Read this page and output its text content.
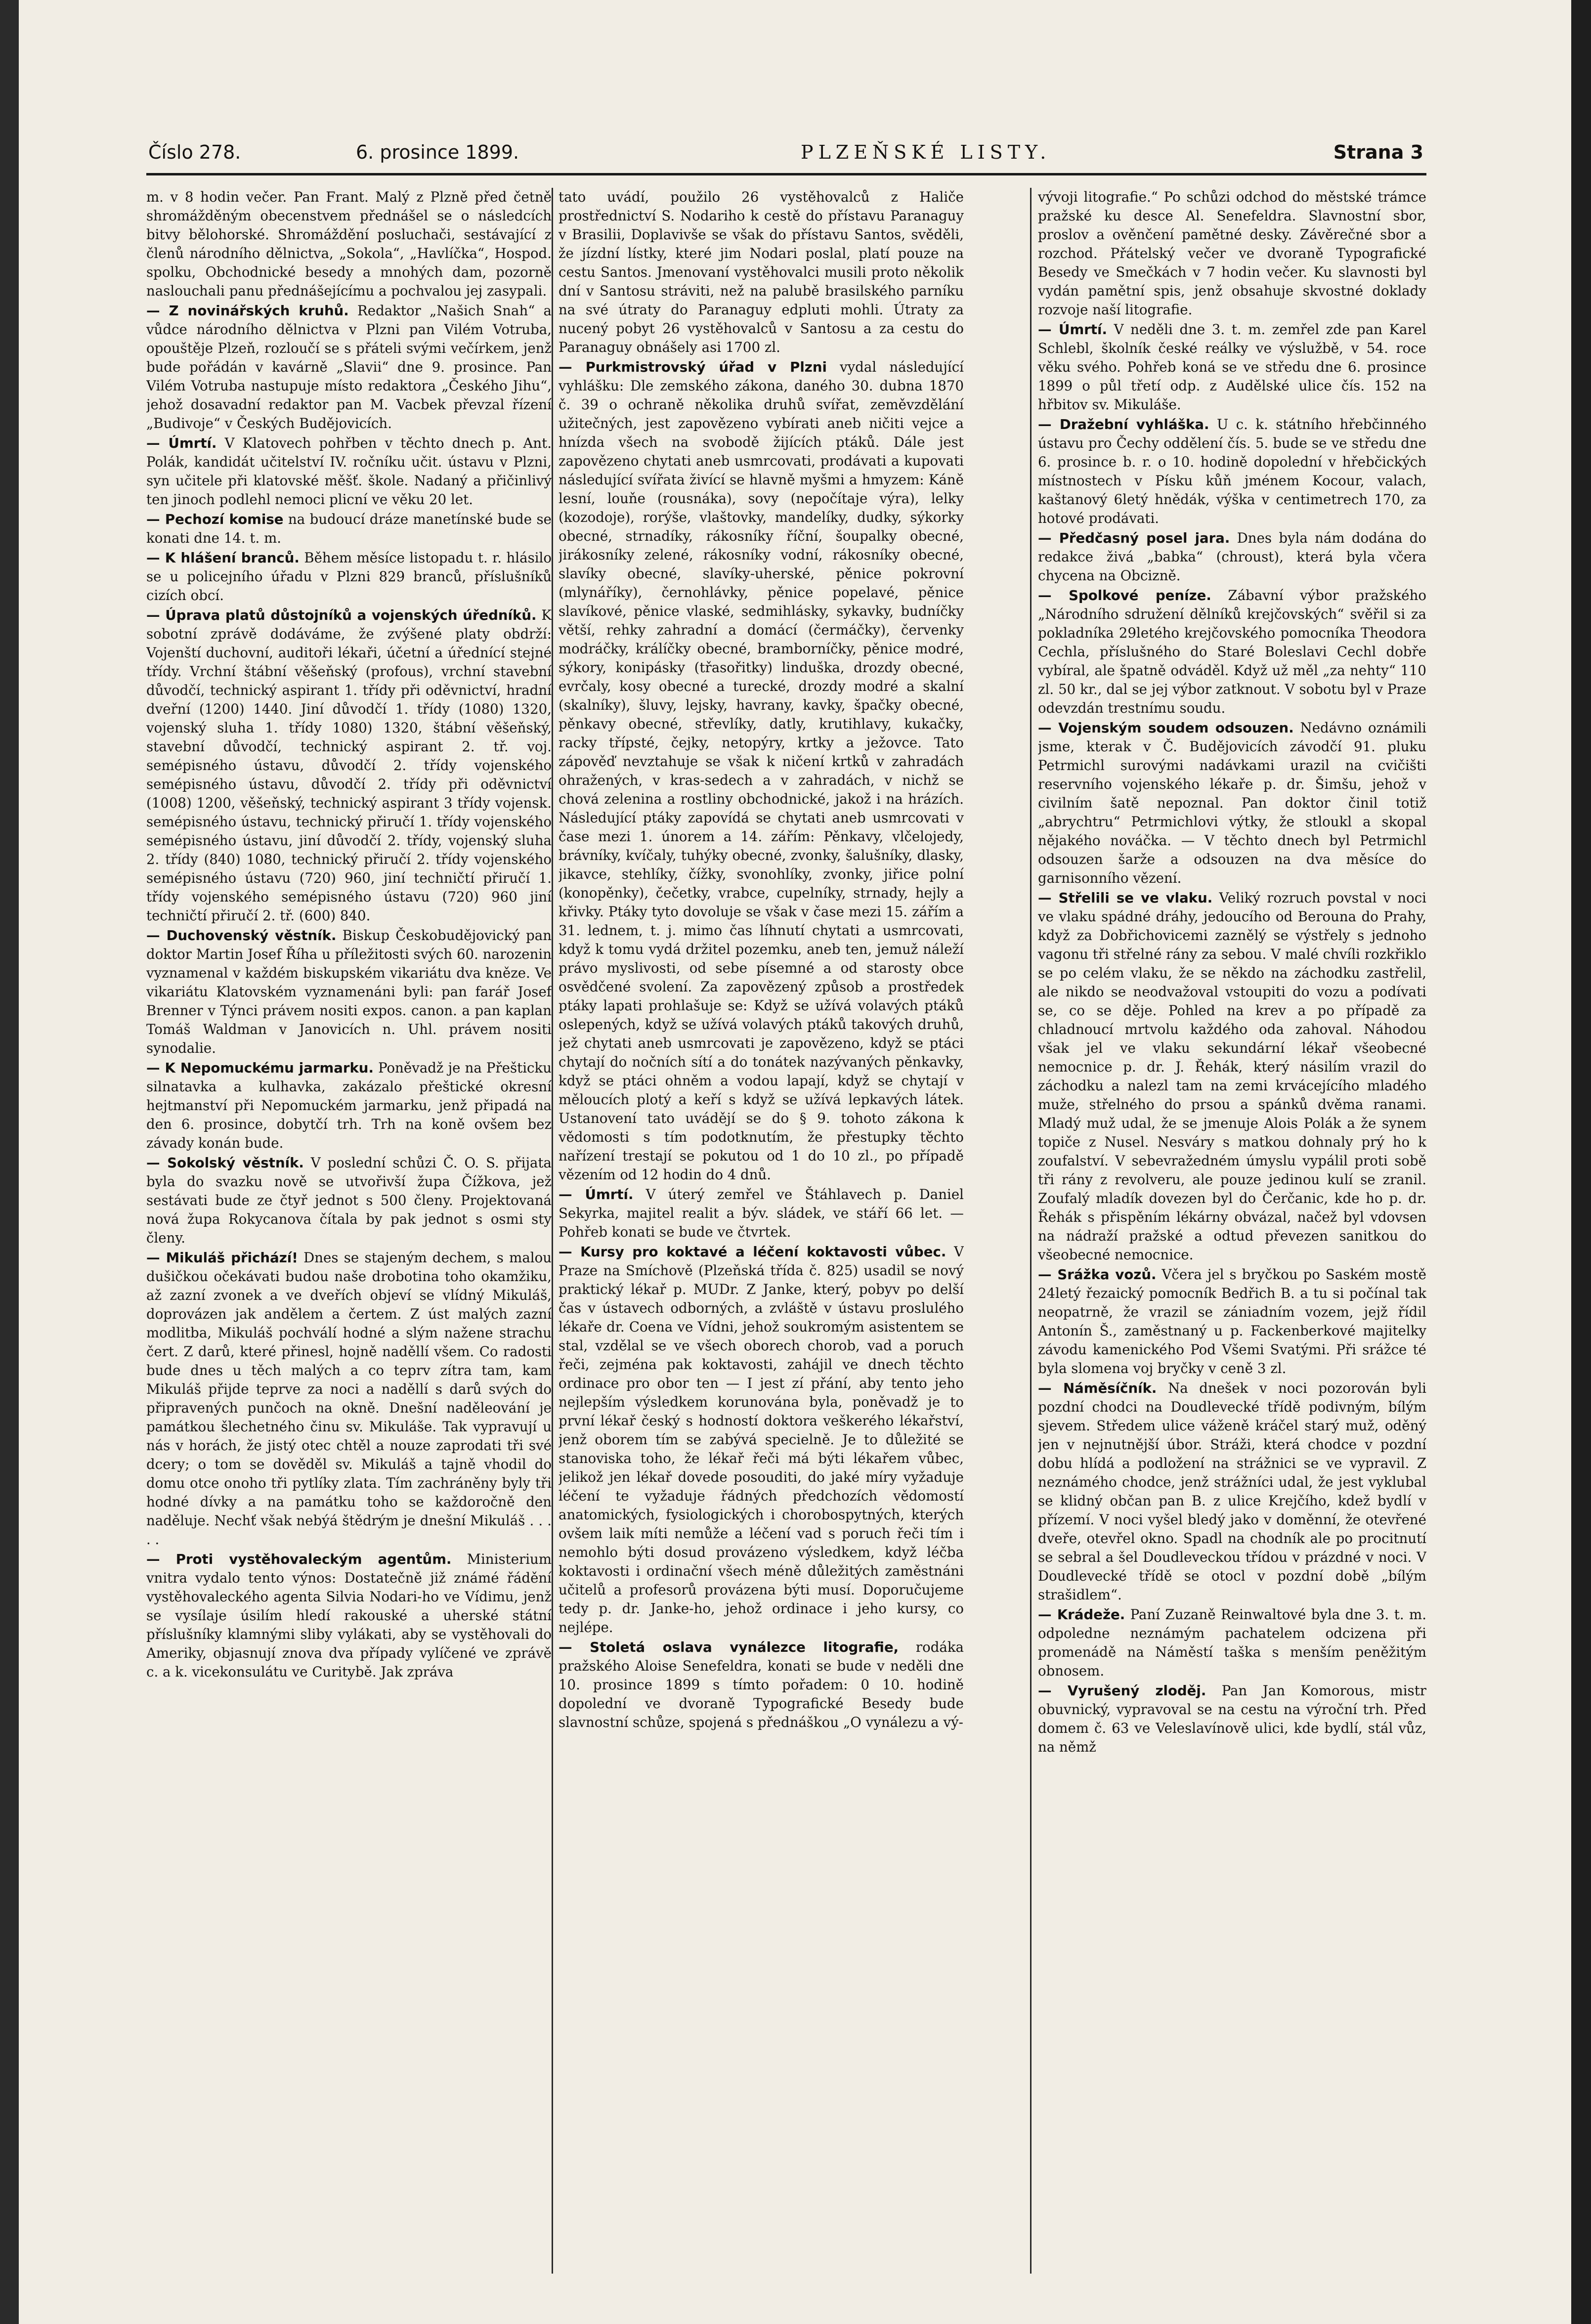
Číslo 278.	6. prosince 1899.	PLZEŇSKÉ LISTY.	Strana 3

m. v 8 hodin večer. Pan Frant. Malý z Plzně před četně shromážděným obecenstvem přednášel se o následcích bitvy bělohorské. Shromáždění posluchači, sestávající z členů národního dělnictva, „Sokola“, „Havlíčka“, Hospod. spolku, Obchodnické besedy a mnohých dam, pozorně naslouchali panu přednášejícímu a pochvalou jej zasypali.

— Z novinářských kruhů. Redaktor „Našich Snah“ a vůdce národního dělnictva v Plzni pan Vilém Votruba, opouštěje Plzeň, rozloučí se s přáteli svými večírkem, jenž bude pořádán v kavárně „Slavii“ dne 9. prosince. Pan Vilém Votruba nastupuje místo redaktora „Českého Jihu“, jehož dosavadní redaktor pan M. Vacbek převzal řízení „Budivoje“ v Českých Budějovicích.

— Úmrtí. V Klatovech pohřben v těchto dnech p. Ant. Polák, kandidát učitelství IV. ročníku učit. ústavu v Plzni, syn učitele při klatovské měšť. škole. Nadaný a přičinlivý ten jinoch podlehl nemoci plicní ve věku 20 let.

— Pechozí komise na budoucí dráze manetínské bude se konati dne 14. t. m.

— K hlášení branců. Během měsíce listopadu t. r. hlásilo se u policejního úřadu v Plzni 829 branců, příslušníků cizích obcí.

— Úprava platů důstojníků a vojenských úředníků. K sobotní zprávě dodáváme, že zvýšené platy obdrží: Vojenští duchovní, auditoři lékaři, účetní a úřednící stejné třídy. Vrchní štábní věšeňský (profous), vrchní stavební důvodčí, technický aspirant 1. třídy při oděvnictví, hradní dveřní (1200) 1440. Jiní důvodčí 1. třídy (1080) 1320, vojenský sluha 1. třídy 1080) 1320, štábní věšeňský, stavební důvodčí, technický aspirant 2. tř. voj. semépisného ústavu, důvodčí 2. třídy vojenského semépisného ústavu, důvodčí 2. třídy při oděvnictví (1008) 1200, věšeňský, technický aspirant 3 třídy vojensk. semépisného ústavu, technický přiručí 1. třídy vojenského semépisného ústavu, jiní důvodčí 2. třídy, vojenský sluha 2. třídy (840) 1080, technický přiručí 2. třídy vojenského semépisného ústavu (720) 960, jiní techničtí přiručí 1. třídy vojenského semépisného ústavu (720) 960 jiní techničtí přiručí 2. tř. (600) 840.

— Duchovenský věstník. Biskup Českobudějovický pan doktor Martin Josef Říha u příležitosti svých 60. narozenin vyznamenal v každém biskupském vikariátu dva kněze. Ve vikariátu Klatovském vyznamenáni byli: pan farář Josef Brenner v Týnci právem nositi expos. canon. a pan kaplan Tomáš Waldman v Janovicích n. Uhl. právem nositi synodalie.

— K Nepomuckému jarmarku. Poněvadž je na Přešticku silnatavka a kulhavka, zakázalo přeštické okresní hejtmanství při Nepomuckém jarmarku, jenž připadá na den 6. prosince, dobytčí trh. Trh na koně ovšem bez závady konán bude.

— Sokolský věstník. V poslední schůzi Č. O. S. přijata byla do svazku nově se utvořivší župa Čížkova, jež sestávati bude ze čtyř jednot s 500 členy. Projektovaná nová župa Rokycanova čítala by pak jednot s osmi sty členy.

— Mikuláš přichází! Dnes se stajeným dechem, s malou dušičkou očekávati budou naše drobotina toho okamžiku, až zazní zvonek a ve dveřích objeví se vlídný Mikuláš, doprovázen jak andělem a čertem. Z úst malých zazní modlitba, Mikuláš pochválí hodné a slým nažene strachu čert. Z darů, které přinesl, hojně naděllí všem. Co radosti bude dnes u těch malých a co teprv zítra tam, kam Mikuláš přijde teprve za noci a naděllí s darů svých do připravených punčoch na okně. Dnešní naděleování je památkou šlechetného činu sv. Mikuláše. Tak vypravují u nás v horách, že jistý otec chtěl a nouze zaprodati tři své dcery; o tom se dověděl sv. Mikuláš a tajně vhodil do domu otce onoho tři pytlíky zlata. Tím zachráněny byly tři hodné dívky a na památku toho se každoročně den naděluje. Nechť však nebýá štědrým je dnešní Mikuláš . . . . .

— Proti vystěhovaleckým agentům. Ministerium vnitra vydalo tento výnos: Dostatečně již známé řádění vystěhovaleckého agenta Silvia Nodari-ho ve Vídimu, jenž se vysílaje úsilím hledí rakouské a uherské státní příslušníky klamnými sliby vylákati, aby se vystěhovali do Ameriky, objasnují znova dva případy vylíčené ve zprávě c. a k. vicekonsulátu ve Curitybě. Jak zpráva

tato uvádí, použilo 26 vystěhovalců z Haliče prostřednictví S. Nodariho k cestě do přístavu Paranaguy v Brasilii, Doplavivše se však do přístavu Santos, svěděli, že jízdní lístky, které jim Nodari poslal, platí pouze na cestu Santos. Jmenovaní vystěhovalci musili proto několik dní v Santosu stráviti, než na palubě brasilského parníku na své útraty do Paranaguy edpluti mohli. Útraty za nucený pobyt 26 vystěhovalců v Santosu a za cestu do Paranaguy obnášely asi 1700 zl.

— Purkmistrovský úřad v Plzni vydal následující vyhlášku: Dle zemského zákona, daného 30. dubna 1870 č. 39 o ochraně několika druhů svířat, zeměvzdělání užitečných, jest zapovězeno vybírati aneb ničiti vejce a hnízda všech na svobodě žijících ptáků. Dále jest zapovězeno chytati aneb usmrcovati, prodávati a kupovati následující svířata živící se hlavně myšmi a hmyzem: Káně lesní, louňe (rousnáka), sovy (nepočítaje výra), lelky (kozodoje), rorýše, vlaštovky, mandelíky, dudky, sýkorky obecné, strnadíky, rákosníky říční, šoupalky obecné, jirákosníky zelené, rákosníky vodní, rákosníky obecné, slavíky obecné, slavíky-uherské, pěnice pokrovní (mlynáříky), černohlávky, pěnice popelavé, pěnice slavíkové, pěnice vlaské, sedmihlásky, sykavky, budníčky větší, rehky zahradní a domácí (čermáčky), červenky modráčky, králíčky obecné, bramborníčky, pěnice modré, sýkory, konipásky (třasořitky) linduška, drozdy obecné, evrčaly, kosy obecné a turecké, drozdy modré a skalní (skalníky), šluvy, lejsky, havrany, kavky, špačky obecné, pěnkavy obecné, střevlíky, datly, krutihlavy, kukačky, racky třípsté, čejky, netopýry, krtky a ježovce. Tato zápověď nevztahuje se však k ničení krtků v zahradách ohražených, v kras-sedech a v zahradách, v nichž se chová zelenina a rostliny obchodnické, jakož i na hrázích. Následující ptáky zapovídá se chytati aneb usmrcovati v čase mezi 1. únorem a 14. zářím: Pěnkavy, vlčelojedy, brávníky, kvíčaly, tuhýky obecné, zvonky, šalušníky, dlasky, jikavce, stehlíky, čížky, svonohlíky, zvonky, jiřice polní (konopěnky), čečetky, vrabce, cupelníky, strnady, hejly a křivky. Ptáky tyto dovoluje se však v čase mezi 15. zářím a 31. lednem, t. j. mimo čas líhnutí chytati a usmrcovati, když k tomu vydá držitel pozemku, aneb ten, jemuž náleží právo myslivosti, od sebe písemné a od starosty obce osvědčené svolení. Za zapovězený způsob a prostředek ptáky lapati prohlašuje se: Když se užívá volavých ptáků oslepených, když se užívá volavých ptáků takových druhů, jež chytati aneb usmrcovati je zapovězeno, když se ptáci chytají do nočních sítí a do tonátek nazývaných pěnkavky, když se ptáci ohněm a vodou lapají, když se chytají v měloucích plotý a keří s když se užívá lepkavých látek. Ustanovení tato uvádějí se do § 9. tohoto zákona k vědomosti s tím podotknutím, že přestupky těchto nařízení trestají se pokutou od 1 do 10 zl., po případě vězením od 12 hodin do 4 dnů.

— Úmrtí. V úterý zemřel ve Štáhlavech p. Daniel Sekyrka, majitel realit a býv. sládek, ve stáří 66 let. — Pohřeb konati se bude ve čtvrtek.

— Kursy pro koktavé a léčení koktavosti vůbec. V Praze na Smíchově (Plzeňská třída č. 825) usadil se nový praktický lékař p. MUDr. Z Janke, který, pobyv po delší čas v ústavech odborných, a zvláště v ústavu proslulého lékaře dr. Coena ve Vídni, jehož soukromým asistentem se stal, vzdělal se ve všech oborech chorob, vad a poruch řeči, zejména pak koktavosti, zahájil ve dnech těchto ordinace pro obor ten — I jest zí přání, aby tento jeho nejlepším výsledkem korunována byla, poněvadž je to první lékař český s hodností doktora veškerého lékařství, jenž oborem tím se zabývá specielně. Je to důležité se stanoviska toho, že lékař řeči má býti lékařem vůbec, jelikož jen lékař dovede posouditi, do jaké míry vyžaduje léčení te vyžaduje řádných předchozích vědomostí anatomických, fysiologických i chorobospytných, kterých ovšem laik míti nemůže a léčení vad s poruch řeči tím i nemohlo býti dosud provázeno výsledkem, když léčba koktavosti i ordinační všech méně důležitých zaměstnáni učitelů a profesorů provázena býti musí. Doporučujeme tedy p. dr. Janke-ho, jehož ordinace i jeho kursy, co nejlépe.

— Stoletá oslava vynálezce litografie, rodáka pražského Aloise Senefeldra, konati se bude v neděli dne 10. prosince 1899 s tímto pořadem: 0 10. hodině dopolední ve dvoraně Typografické Besedy bude slavnostní schůze, spojená s přednáškou „O vynálezu a vý-

vývoji litografie.“ Po schůzi odchod do městské trámce pražské ku desce Al. Senefeldra. Slavnostní sbor, proslov a ověnčení pamětné desky. Závěrečné sbor a rozchod. Přátelský večer ve dvoraně Typografické Besedy ve Smečkách v 7 hodin večer. Ku slavnosti byl vydán pamětní spis, jenž obsahuje skvostné doklady rozvoje naší litografie.

— Úmrtí. V neděli dne 3. t. m. zemřel zde pan Karel Schlebl, školník české reálky ve výslužbě, v 54. roce věku svého. Pohřeb koná se ve středu dne 6. prosince 1899 o půl třetí odp. z Audělské ulice čís. 152 na hřbitov sv. Mikuláše.

— Dražební vyhláška. U c. k. státního hřebčinného ústavu pro Čechy oddělení čís. 5. bude se ve středu dne 6. prosince b. r. o 10. hodině dopolední v hřebčických místnostech v Písku kůň jménem Kocour, valach, kaštanový 6letý hnědák, výška v centimetrech 170, za hotové prodávati.

— Předčasný posel jara. Dnes byla nám dodána do redakce živá „babka“ (chroust), která byla včera chycena na Obcizně.

— Spolkové peníze. Zábavní výbor pražského „Národního sdružení dělníků krejčovských“ svěřil si za pokladníka 29letého krejčovského pomocníka Theodora Cechla, příslušného do Staré Boleslavi Cechl dobře vybíral, ale špatně odváděl. Když už měl „za nehty“ 110 zl. 50 kr., dal se jej výbor zatknout. V sobotu byl v Praze odevzdán trestnímu soudu.

— Vojenským soudem odsouzen. Nedávno oznámili jsme, kterak v Č. Budějovicích závodčí 91. pluku Petrmichl surovými nadávkami urazil na cvičišti reservního vojenského lékaře p. dr. Šimšu, jehož v civilním šatě nepoznal. Pan doktor činil totiž „abrychtru“ Petrmichlovi výtky, že stloukl a skopal nějakého nováčka. — V těchto dnech byl Petrmichl odsouzen šarže a odsouzen na dva měsíce do garnisonního vězení.

— Střelili se ve vlaku. Veliký rozruch povstal v noci ve vlaku spádné dráhy, jedoucího od Berouna do Prahy, když za Dobřichovicemi zaznělý se výstřely s jednoho vagonu tři střelné rány za sebou. V malé chvíli rozkřiklo se po celém vlaku, že se někdo na záchodku zastřelil, ale nikdo se neodvažoval vstoupiti do vozu a podívati se, co se děje. Pohled na krev a po případě za chladnoucí mrtvolu každého oda zahoval. Náhodou však jel ve vlaku sekundární lékař všeobecné nemocnice p. dr. J. Řehák, který násilím vrazil do záchodku a nalezl tam na zemi krvácejícího mladého muže, střelného do prsou a spánků dvěma ranami. Mladý muž udal, že se jmenuje Alois Polák a že synem topiče z Nusel. Nesváry s matkou dohnaly prý ho k zoufalství. V sebevražedném úmyslu vypálil proti sobě tři rány z revolveru, ale pouze jedinou kulí se zranil. Zoufalý mladík dovezen byl do Čerčanic, kde ho p. dr. Řehák s přispěním lékárny obvázal, načež byl vdovsen na nádraží pražské a odtud převezen sanitkou do všeobecné nemocnice.

— Srážka vozů. Včera jel s bryčkou po Saském mostě 24letý řezaický pomocník Bedřich B. a tu si počínal tak neopatrně, že vrazil se zániadním vozem, jejž řídil Antonín Š., zaměstnaný u p. Fackenberkové majitelky závodu kamenického Pod Všemi Svatými. Při srážce té byla slomena voj bryčky v ceně 3 zl.

— Náměsíčník. Na dnešek v noci pozorován byli pozdní chodci na Doudlevecké třídě podivným, bílým sjevem. Středem ulice váženě kráčel starý muž, oděný jen v nejnutnější úbor. Stráži, která chodce v pozdní dobu hlídá a podložení na strážnici se ve vypravil. Z neznámého chodce, jenž strážníci udal, že jest vyklubal se klidný občan pan B. z ulice Krejčího, kdež bydlí v přízemí. V noci vyšel bledý jako v doměnní, že otevřené dveře, otevřel okno. Spadl na chodník ale po procitnutí se sebral a šel Doudleveckou třídou v prázdné v noci. V Doudlevecké třídě se otocl v pozdní době „bílým strašidlem“.

— Krádeže. Paní Zuzaně Reinwaltové byla dne 3. t. m. odpoledne neznámým pachatelem odcizena při promenádě na Náměstí taška s menším peněžitým obnosem.

— Vyrušený zloděj. Pan Jan Komorous, mistr obuvnický, vypravoval se na cestu na výroční trh. Před domem č. 63 ve Veleslavínově ulici, kde bydlí, stál vůz, na němž
